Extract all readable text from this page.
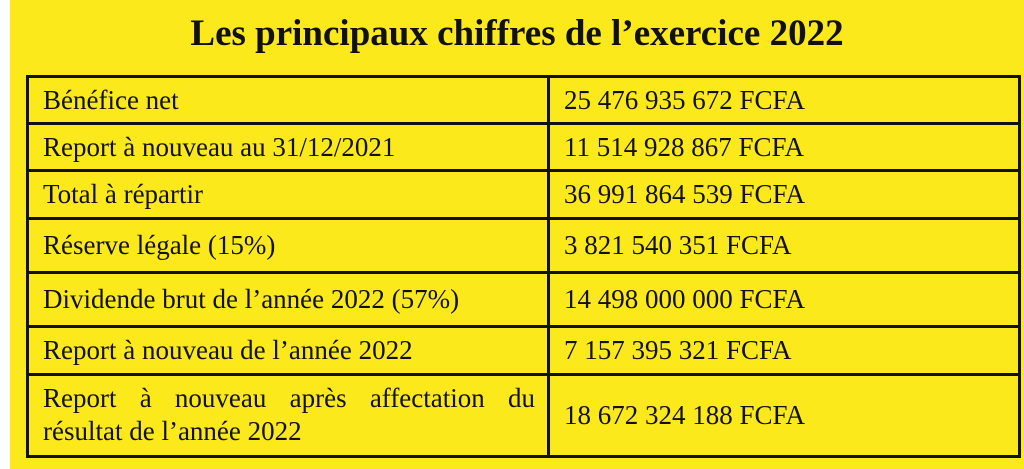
Les principaux chiffres de l’exercice 2022
Bénéfice net	25 476 935 672 FCFA
Report à nouveau au 31/12/2021	11 514 928 867 FCFA
Total à répartir	36 991 864 539 FCFA
Réserve légale (15%)	3 821 540 351 FCFA
Dividende brut de l’année 2022 (57%)	14 498 000 000 FCFA
Report à nouveau de l’année 2022	7 157 395 321 FCFA
Report à nouveau après affectation du résultat de l’année 2022	18 672 324 188 FCFA
